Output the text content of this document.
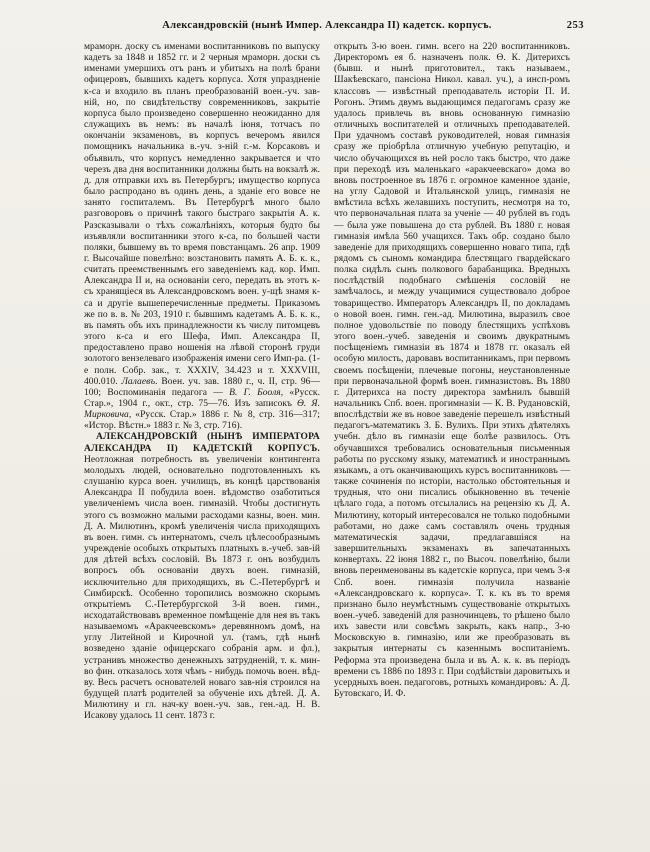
Александровскій (нынѣ Импер. Александра II) кадетск. корпусъ.	253

мраморн. доску съ именами воспитанниковъ по выпуску кадетъ за 1848 и 1852 гг. и 2 черныя мраморн. доски съ именами умершихъ отъ ранъ и убитыхъ на полѣ брани офицеровъ, бывшихъ кадетъ корпуса. Хотя упраздненіе к-са и входило въ планъ преобразованій воен.-уч. зав-ній, но, по свидѣтельству современниковъ, закрытіе корпуса было произведено совершенно неожиданно для служащихъ въ немъ: въ началѣ іюня, тотчасъ по окончаніи экзаменовъ, въ корпусъ вечеромъ явился помощникъ начальника в.-уч. з-ній г.-м. Корсаковъ и объявилъ, что корпусъ немедленно закрывается и что черезъ два дня воспитанники должны быть на вокзалѣ ж. д. для отправки ихъ въ Петербургъ; имущество корпуса было распродано въ одинъ день, а зданіе его вовсе не занято госпиталемъ. Въ Петербургѣ много было разговоровъ о причинѣ такого быстраго закрытія А. к. Разсказывали о тѣхъ сожалѣніяхъ, которыя будто бы изъявляли воспитанники этого к-са, по большей части поляки, бывшему въ то время повстанцамъ. 26 апр. 1909 г. Высочайше повелѣно: возстановить память А. Б. к. к., считать преемственнымъ его заведеніемъ кад. кор. Имп. Александра II и, на основаніи сего, передать въ этотъ к-съ хранящіеся въ Александровскомъ воен. у-щѣ знамя к-са и другіе вышеперечисленные предметы. Приказомъ же по в. в. № 203, 1910 г. бывшимъ кадетамъ А. Б. к. к., въ память объ ихъ принадлежности къ числу питомцевъ этого к-са и его Шефа, Имп. Александра II, предоставлено право ношенія на лѣвой сторонѣ груди золотого вензелеваго изображенія имени сего Имп-ра. (1-е полн. Собр. зак., т. XXXIV, 34.423 и т. XXXVIII, 400.010. Лалаевъ. Воен. уч. зав. 1880 г., ч. II, стр. 96—100; Воспоминанія педагога — В. Г. Бооля, «Русск. Стар.», 1904 г., окт., стр. 75—76. Изъ записокъ Ѳ. Я. Мирковича, «Русск. Стар.» 1886 г. № 8, стр. 316—317; «Истор. Вѣстн.» 1883 г. № 3, стр. 716).

АЛЕКСАНДРОВСКІЙ (НЫНѢ ИМПЕРАТОРА АЛЕКСАНДРА II) КАДЕТСКІЙ КОРПУСЪ. Неотложная потребность въ увеличеніи контингента молодыхъ людей, основательно подготовленныхъ къ слушанію курса воен. училищъ, въ концѣ царствованія Александра II побудила воен. вѣдомство озаботиться увеличеніемъ числа воен. гимназій. Чтобы достигнуть этого съ возможно малыми расходами казны, воен. мин. Д. А. Милютинъ, кромѣ увеличенія числа приходящихъ въ воен. гимн. съ интернатомъ, счелъ цѣлесообразнымъ учрежденіе особыхъ открытыхъ платныхъ в.-учеб. зав-ій для дѣтей всѣхъ сословій. Въ 1873 г. онъ возбудилъ вопросъ объ основаніи двухъ воен. гимназій, исключительно для приходящихъ, въ С.-Петербургѣ и Симбирскѣ. Особенно торопились возможно скорымъ открытіемъ С.-Петербургской 3-й воен. гимн., исходатайствовавъ временное помѣщеніе для нея въ такъ называемомъ «Аракчеевскомъ» деревянномъ домѣ, на углу Литейной и Кирочной ул. (тамъ, гдѣ нынѣ возведено зданіе офицерскаго собранія арм. и фл.), устранивъ множество денежныхъ затрудненій, т. к. мин-во фин. отказалось хотя чѣмъ - нибудь помочь воен. вѣд-ву. Весь расчетъ основателей новаго зав-нія строился на будущей платѣ родителей за обученіе ихъ дѣтей. Д. А. Милютину и гл. нач-ку воен.-уч. зав., ген.-ад. Н. В. Исакову удалось 11 сент. 1873 г.

открыть 3-ю воен. гимн. всего на 220 воспитанниковъ. Директоромъ ея б. назначенъ полк. Ѳ. К. Дитерихсъ (бывш. и нынѣ приготовител., такъ называем., Шакѣевскаго, пансіона Никол. кавал. уч.), а инсп-ромъ классовъ — извѣстный преподаватель исторіи П. И. Рогонъ. Этимъ двумъ выдающимся педагогамъ сразу же удалось привлечь въ вновь основанную гимназію отличныхъ воспитателей и отличныхъ преподавателей. При удачномъ составѣ руководителей, новая гимназія сразу же пріобрѣла отличную учебную репутацію, и число обучающихся въ ней росло такъ быстро, что даже при переходѣ изъ маленькаго «аракчеевскаго» дома во вновь построенное въ 1876 г. огромное каменное зданіе, на углу Садовой и Итальянской улицъ, гимназія не вмѣстила всѣхъ желавшихъ поступить, несмотря на то, что первоначальная плата за ученіе — 40 рублей въ годъ — была уже повышена до ста рублей. Въ 1880 г. новая гимназія имѣла 560 учащихся. Такъ обр. создано было заведеніе для приходящихъ совершенно новаго типа, гдѣ рядомъ съ сыномъ командира блестящаго гвардейскаго полка сидѣлъ сынъ полкового барабанщика. Вредныхъ послѣдствій подобнаго смѣшенія сословій не замѣчалось, и между учащимися существовало доброе товарищество. Императоръ Александръ II, по докладамъ о новой воен. гимн. ген.-ад. Милютина, выразилъ свое полное удовольствіе по поводу блестящихъ успѣховъ этого воен.-учеб. заведенія и своимъ двукратнымъ посѣщеніемъ гимназіи въ 1874 и 1878 гг. оказалъ ей особую милость, даровавъ воспитанникамъ, при первомъ своемъ посѣщеніи, плечевые погоны, неустановленные при первоначальной формѣ воен. гимназистовъ. Въ 1880 г. Дитерихса на посту директора замѣнилъ бывшій начальникъ Спб. воен. прогимназіи — К. В. Рудановскій, впослѣдствіи же въ новое заведеніе перешелъ извѣстный педагогъ-математикъ З. Б. Вулихъ. При этихъ дѣятеляхъ учебн. дѣло въ гимназіи еще болѣе развилось. Отъ обучавшихся требовались основательныя письменныя работы по русскому языку, математикѣ и иностраннымъ языкамъ, а отъ оканчивающихъ курсъ воспитанниковъ — также сочиненія по исторіи, настолько обстоятельныя и трудныя, что они писались обыкновенно въ теченіе цѣлаго года, а потомъ отсылались на рецензію къ Д. А. Милютину, который интересовался не только подобными работами, но даже самъ составлялъ очень трудныя математическія задачи, предлагавшіяся на завершительныхъ экзаменахъ въ запечатанныхъ конвертахъ. 22 іюня 1882 г., по Высоч. повелѣнію, были вновь переименованы въ кадетскіе корпуса, при чемъ 3-я Спб. воен. гимназія получила названіе «Александровскаго к. корпуса». Т. к. къ въ то время признано было неумѣстнымъ существованіе открытыхъ воен.-учеб. заведеній для разночинцевъ, то рѣшено было ихъ завести или совсѣмъ закрыть, какъ напр., 3-ю Московскую в. гимназію, или же преобразовать въ закрытыя интернаты съ казеннымъ воспитаніемъ. Реформа эта произведена была и въ А. к. к. въ періодъ времени съ 1886 по 1893 г. При содѣйствіи даровитыхъ и усердныхъ воен. педагоговъ, ротныхъ командировъ: А. Д. Бутовскаго, И. Ф.
